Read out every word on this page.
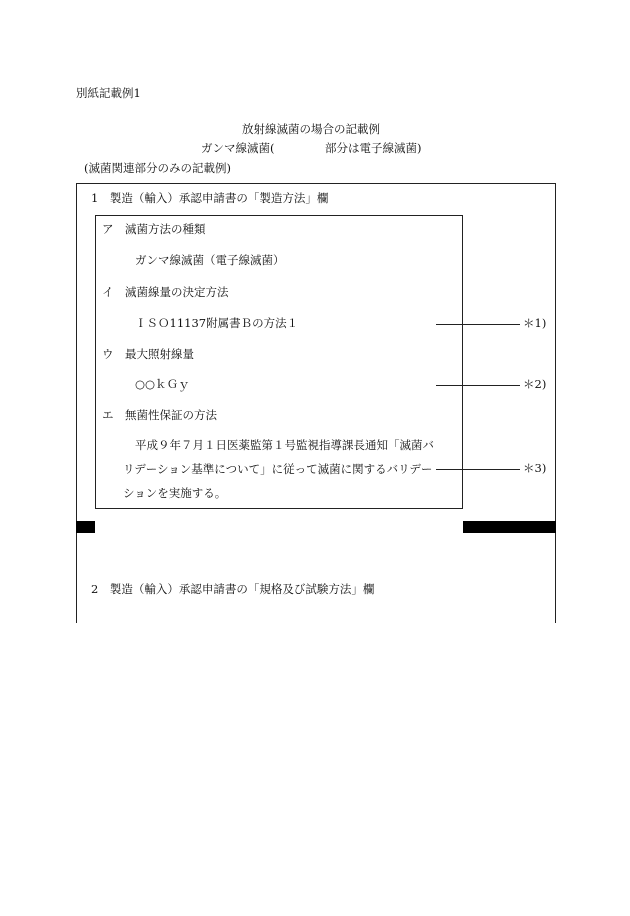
別紙記載例1
放射線滅菌の場合の記載例
ガンマ線滅菌(	部分は電子線滅菌)
(滅菌関連部分のみの記載例)
1　製造（輸入）承認申請書の「製造方法」欄
ア　滅菌方法の種類
ガンマ線滅菌（電子線滅菌）
イ　滅菌線量の決定方法
ＩＳＯ11137附属書Ｂの方法１	＊1)
ウ　最大照射線量
○○ｋＧｙ	＊2)
エ　無菌性保証の方法
平成９年７月１日医薬監第１号監視指導課長通知「滅菌バ
リデーション基準について」に従って滅菌に関するバリデー
ションを実施する。
＊3)
2　製造（輸入）承認申請書の「規格及び試験方法」欄
